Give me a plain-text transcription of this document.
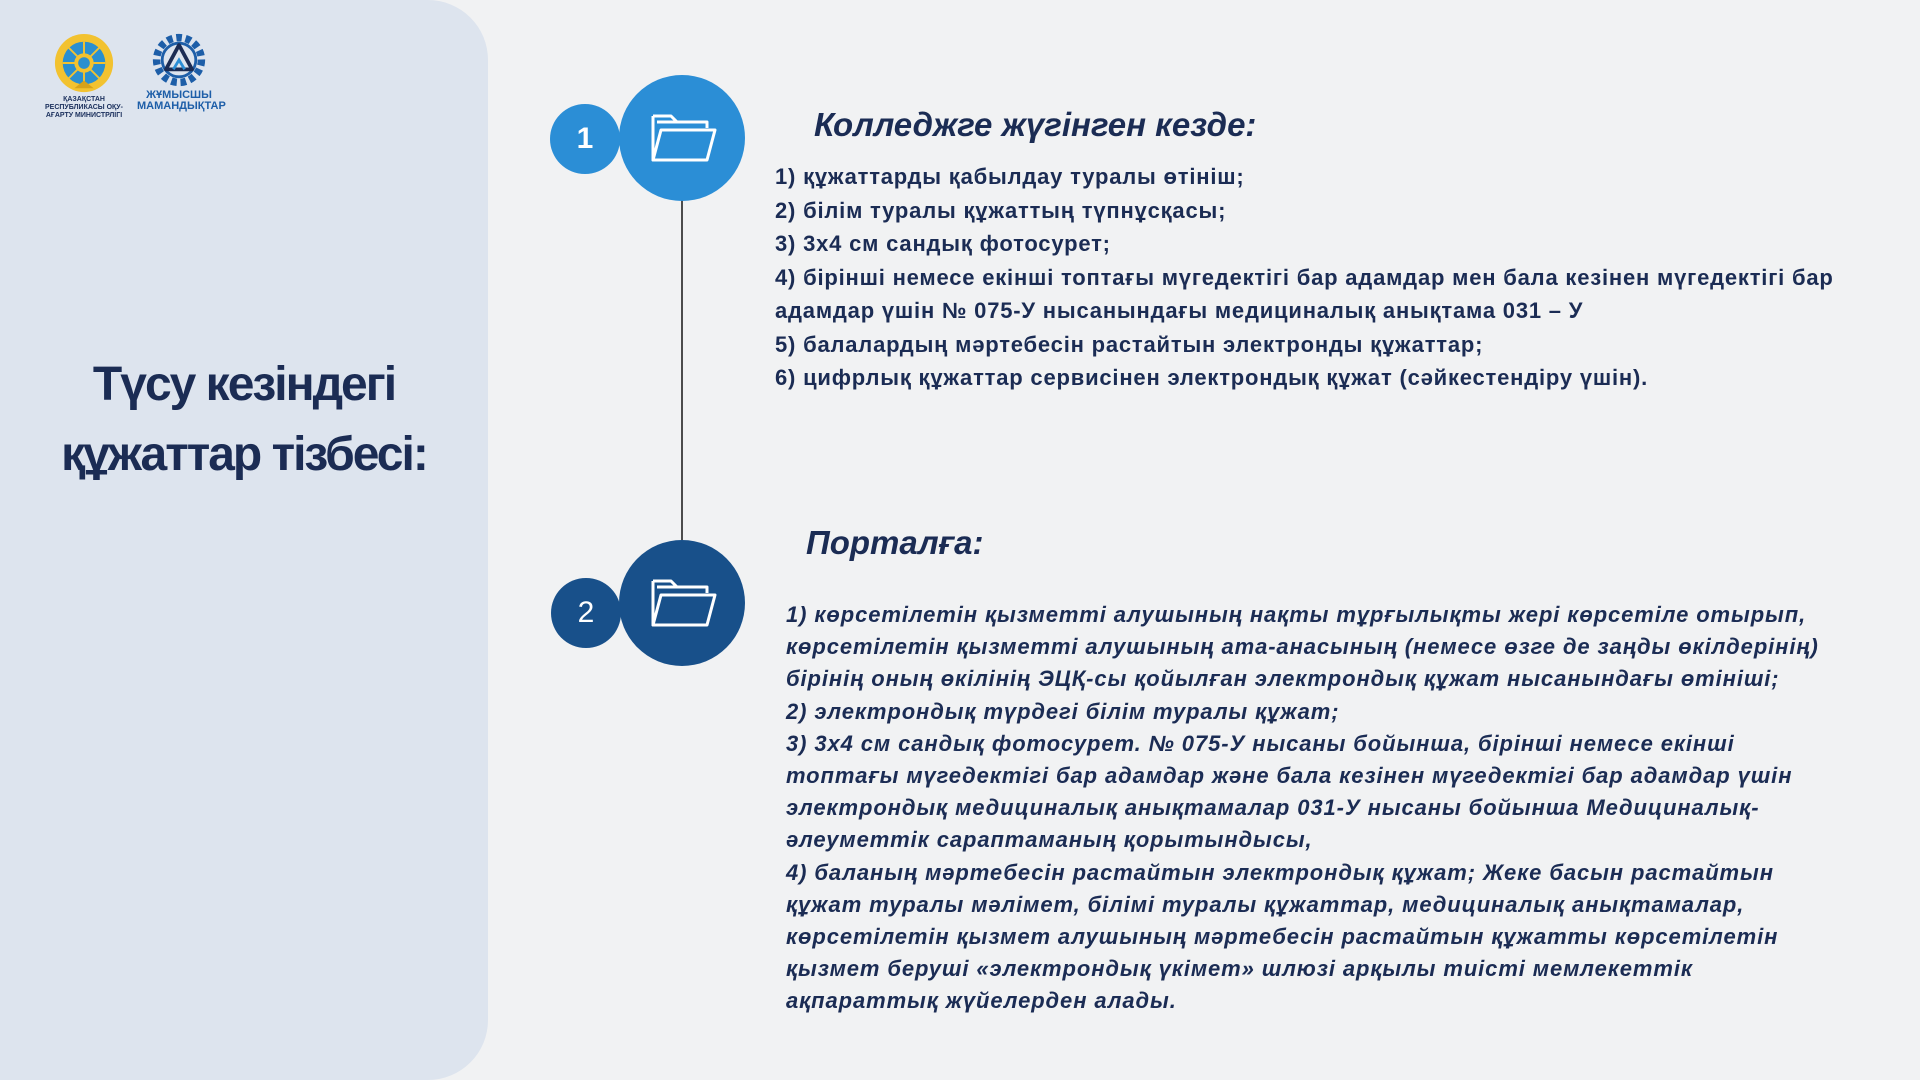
ҚАЗАҚСТАН РЕСПУБЛИКАСЫ ОҚУ-АҒАРТУ МИНИСТРЛІГІ
ЖҰМЫСШЫ МАМАНДЫҚТАР
Түсу кезіндегі
құжаттар тізбесі:
1	Колледжге жүгінген кезде:
1) құжаттарды қабылдау туралы өтініш;
2) білім туралы құжаттың түпнұсқасы;
3) 3х4 см сандық фотосурет;
4) бірінші немесе екінші топтағы мүгедектігі бар адамдар мен бала кезінен мүгедектігі бар адамдар үшін № 075-У нысанындағы медициналық анықтама 031 – У
5) балалардың мәртебесін растайтын электронды құжаттар;
6) цифрлық құжаттар сервисінен электрондық құжат (сәйкестендіру үшін).
2
Порталға:
1) көрсетілетін қызметті алушының нақты тұрғылықты жері көрсетіле отырып, көрсетілетін қызметті алушының ата-анасының (немесе өзге де заңды өкілдерінің) бірінің оның өкілінің ЭЦҚ-сы қойылған электрондық құжат нысанындағы өтініші;
2) электрондық түрдегі білім туралы құжат;
3) 3х4 см сандық фотосурет. № 075-У нысаны бойынша, бірінші немесе екінші топтағы мүгедектігі бар адамдар және бала кезінен мүгедектігі бар адамдар үшін электрондық медициналық анықтамалар 031-У нысаны бойынша Медициналық-әлеуметтік сараптаманың қорытындысы,
4) баланың мәртебесін растайтын электрондық құжат; Жеке басын растайтын құжат туралы мәлімет, білімі туралы құжаттар, медициналық анықтамалар, көрсетілетін қызмет алушының мәртебесін растайтын құжатты көрсетілетін қызмет беруші «электрондық үкімет» шлюзі арқылы тиісті мемлекеттік ақпараттық жүйелерден алады.
